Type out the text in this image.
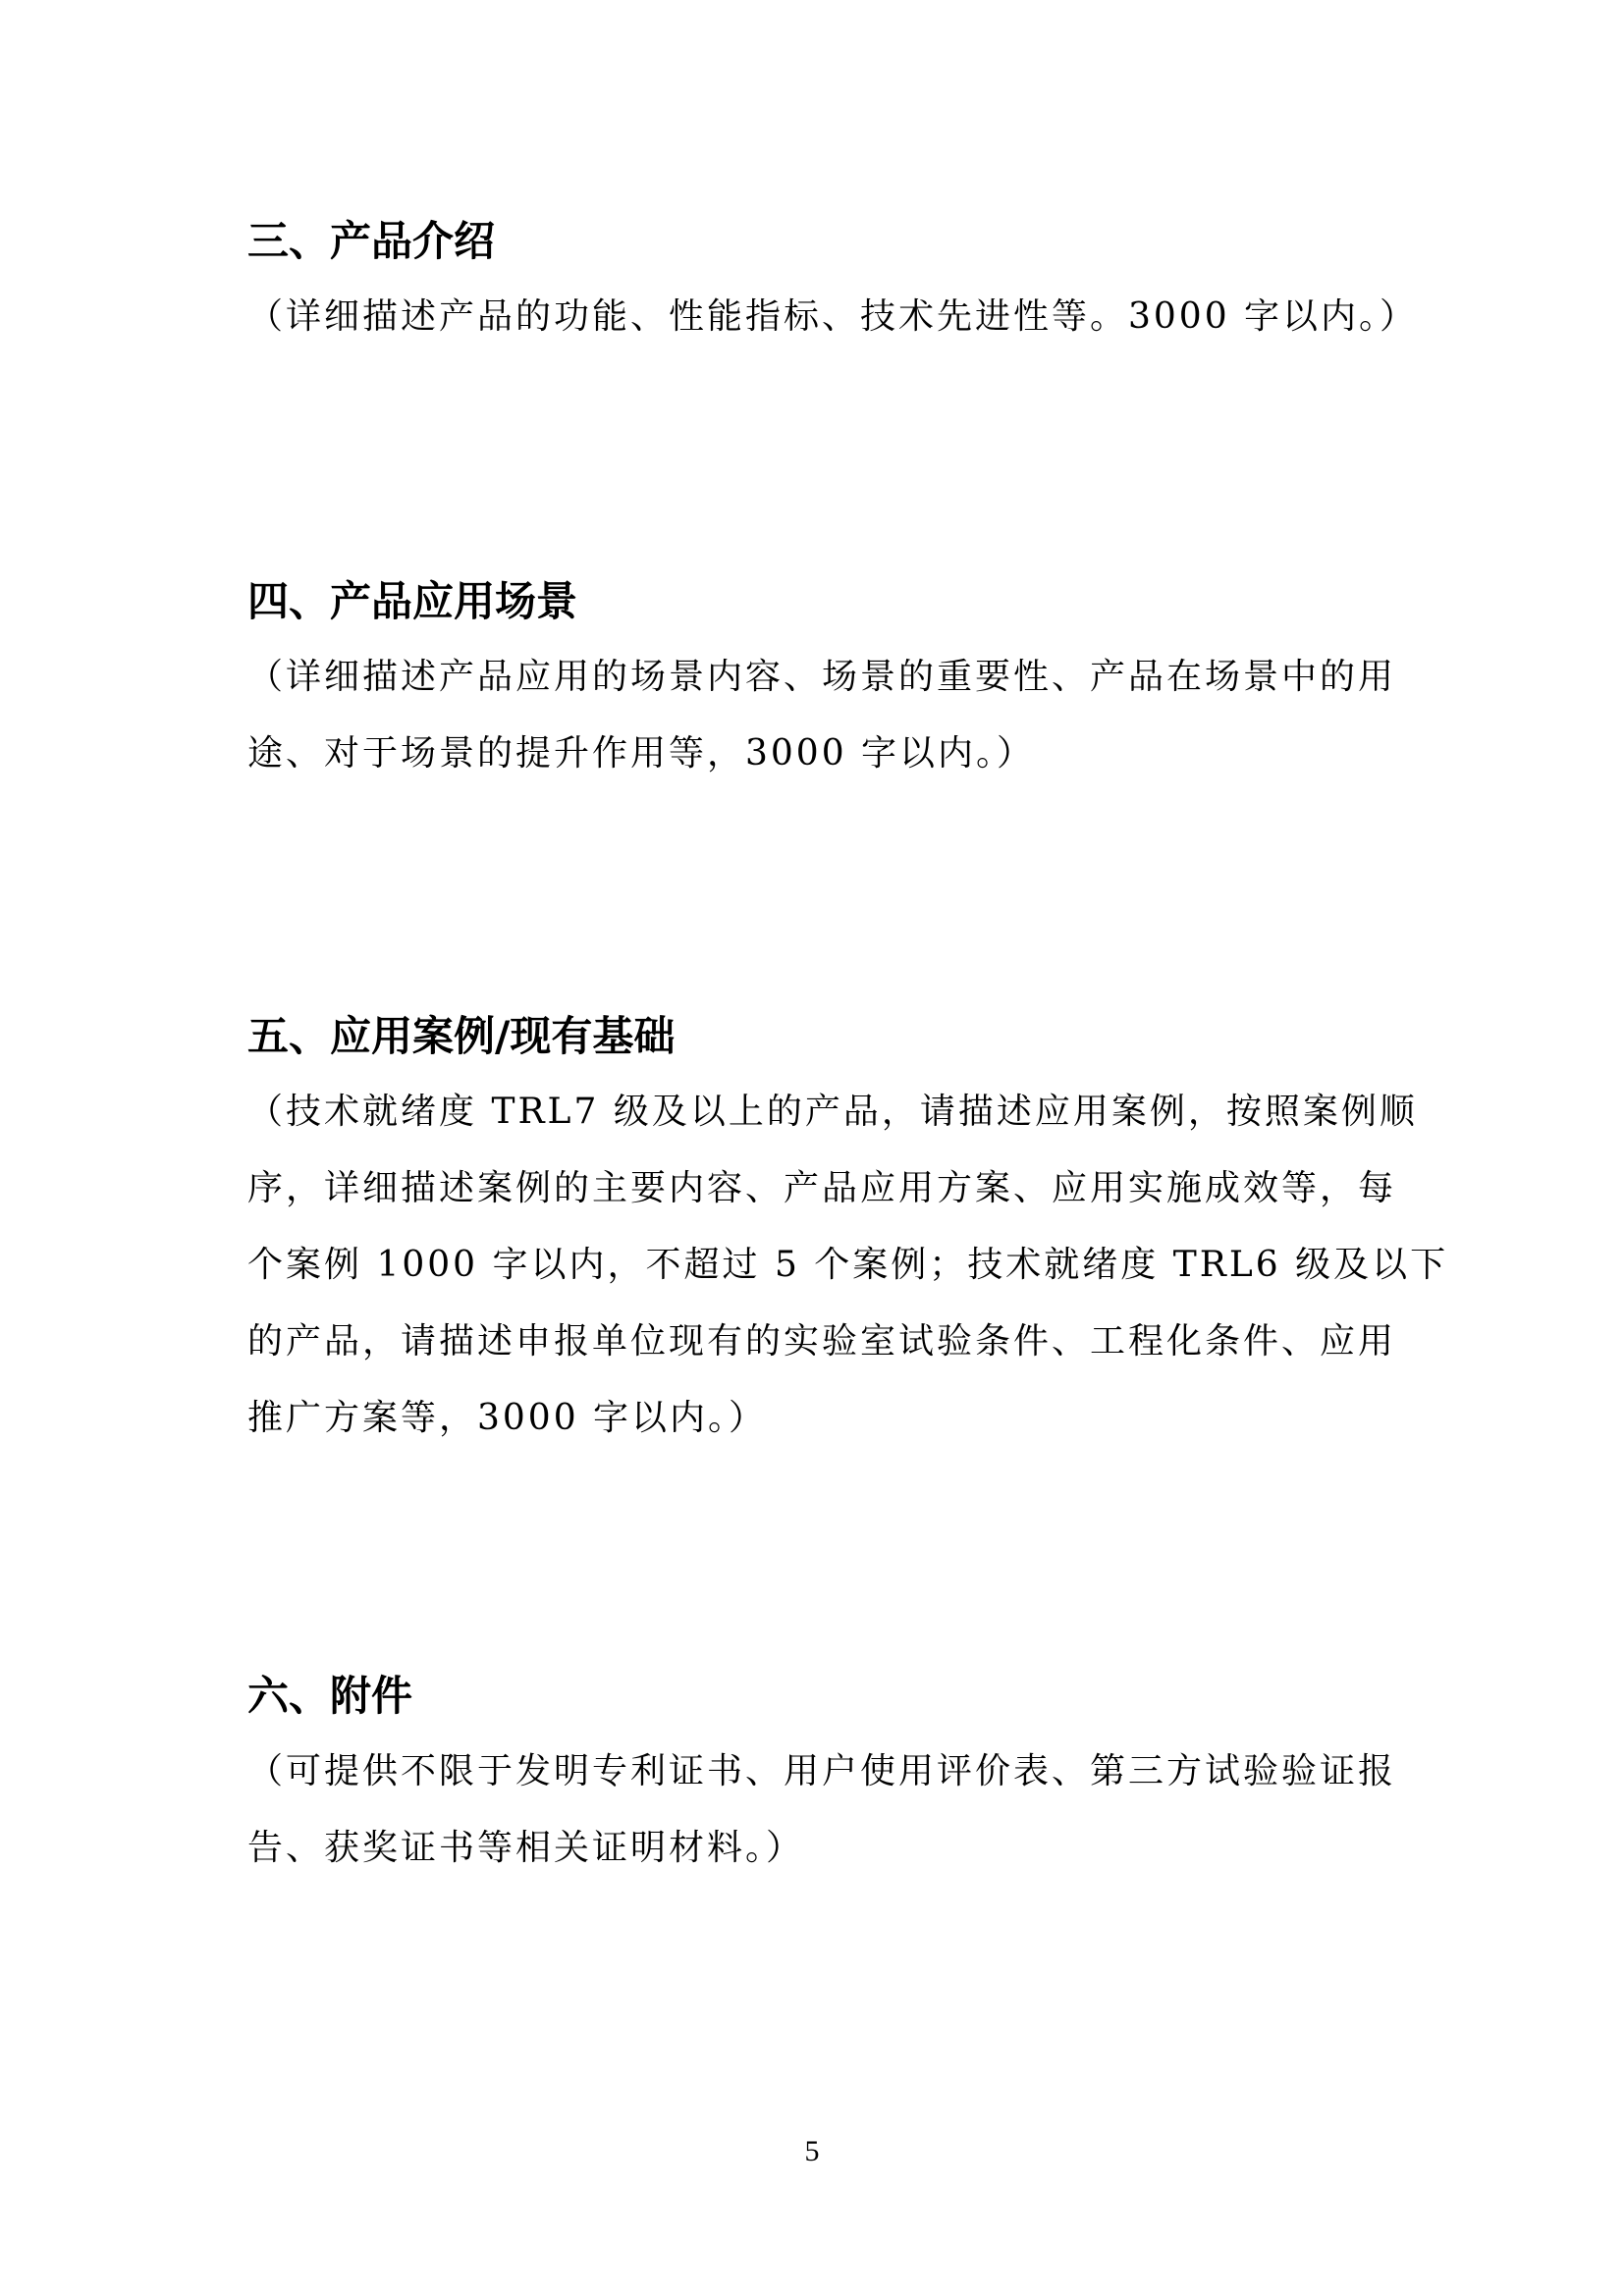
三、产品介绍
（详细描述产品的功能、性能指标、技术先进性等。3000 字以内。）
四、产品应用场景
（详细描述产品应用的场景内容、场景的重要性、产品在场景中的用
途、对于场景的提升作用等，3000 字以内。）
五、应用案例/现有基础
（技术就绪度 TRL7 级及以上的产品，请描述应用案例，按照案例顺
序，详细描述案例的主要内容、产品应用方案、应用实施成效等，每
个案例 1000 字以内，不超过 5 个案例；技术就绪度 TRL6 级及以下
的产品，请描述申报单位现有的实验室试验条件、工程化条件、应用
推广方案等，3000 字以内。）
六、附件
（可提供不限于发明专利证书、用户使用评价表、第三方试验验证报
告、获奖证书等相关证明材料。）
5
